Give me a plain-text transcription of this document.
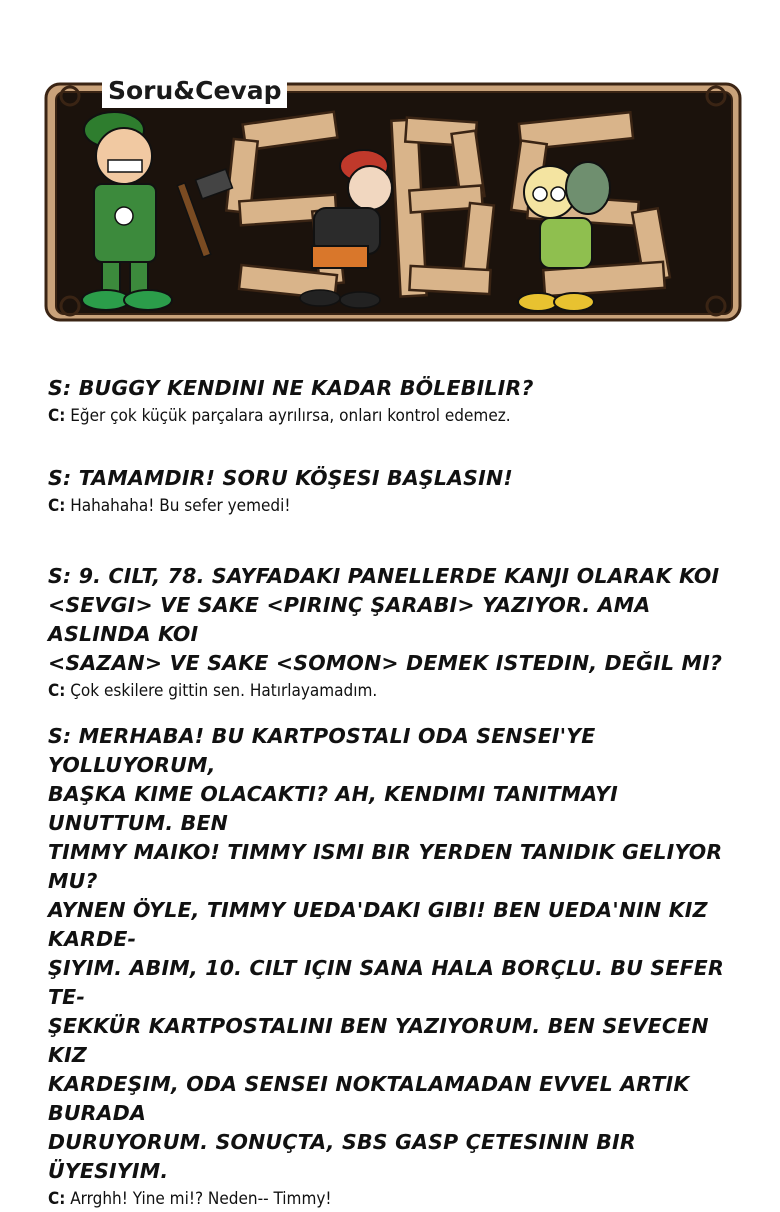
Soru&Cevap

S: BUGGY KENDINI NE KADAR BÖLEBILIR?

C: Eğer çok küçük parçalara ayrılırsa, onları kontrol edemez.

S: TAMAMDIR! SORU KÖŞESI BAŞLASIN!

C: Hahahaha! Bu sefer yemedi!

S: 9. CILT, 78. SAYFADAKI PANELLERDE KANJI OLARAK KOI

<SEVGI> VE SAKE <PIRINÇ ŞARABI> YAZIYOR. AMA ASLINDA KOI

<SAZAN> VE SAKE <SOMON> DEMEK ISTEDIN, DEĞIL MI?

C: Çok eskilere gittin sen. Hatırlayamadım.

S: MERHABA! BU KARTPOSTALI ODA SENSEI'YE YOLLUYORUM,

BAŞKA KIME OLACAKTI? AH, KENDIMI TANITMAYI UNUTTUM. BEN

TIMMY MAIKO! TIMMY ISMI BIR YERDEN TANIDIK GELIYOR MU?

AYNEN ÖYLE, TIMMY UEDA'DAKI GIBI! BEN UEDA'NIN KIZ KARDE-

ŞIYIM. ABIM, 10. CILT IÇIN SANA HALA BORÇLU. BU SEFER TE-

ŞEKKÜR KARTPOSTALINI BEN YAZIYORUM. BEN SEVECEN KIZ

KARDEŞIM, ODA SENSEI NOKTALAMADAN EVVEL ARTIK BURADA

DURUYORUM. SONUÇTA, SBS GASP ÇETESININ BIR ÜYESIYIM.

C: Arrghh! Yine mi!? Neden-- Timmy!
